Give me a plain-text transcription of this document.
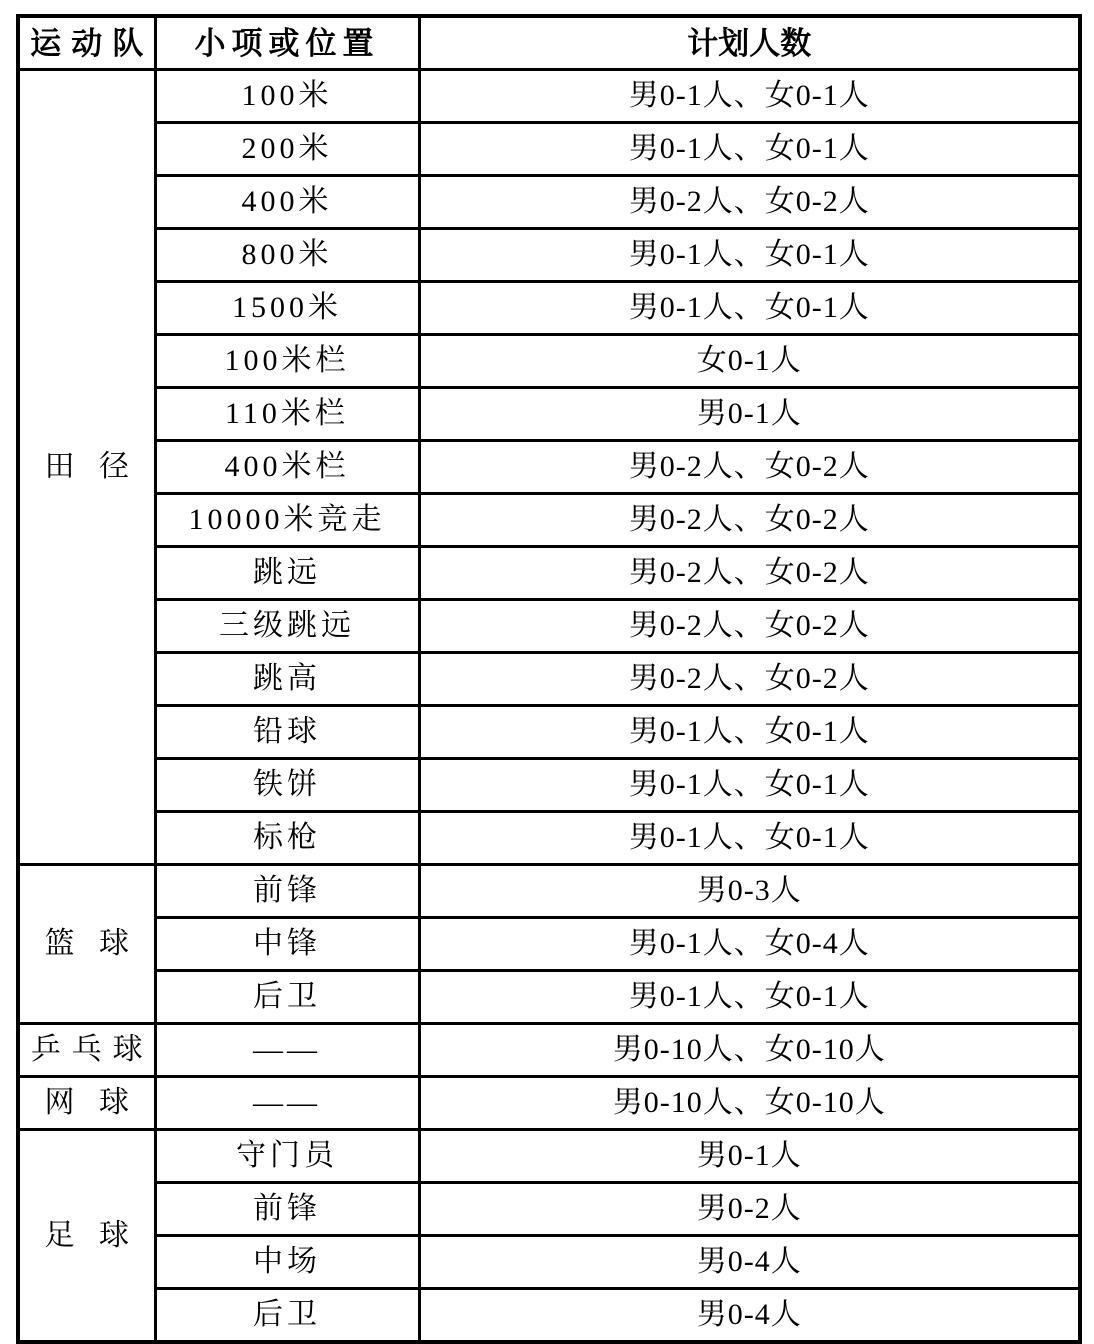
运 动 队	小项或位置	计划人数

田 径	100米	男0-1人、女0-1人
	200米	男0-1人、女0-1人
	400米	男0-2人、女0-2人
	800米	男0-1人、女0-1人
	1500米	男0-1人、女0-1人
	100米栏	女0-1人
	110米栏	男0-1人
	400米栏	男0-2人、女0-2人
	10000米竞走	男0-2人、女0-2人
	跳远	男0-2人、女0-2人
	三级跳远	男0-2人、女0-2人
	跳高	男0-2人、女0-2人
	铅球	男0-1人、女0-1人
	铁饼	男0-1人、女0-1人
	标枪	男0-1人、女0-1人

篮 球	前锋	男0-3人
	中锋	男0-1人、女0-4人
	后卫	男0-1人、女0-1人

乒 乓 球	——	男0-10人、女0-10人

网 球	——	男0-10人、女0-10人

足 球	守门员	男0-1人
	前锋	男0-2人
	中场	男0-4人
	后卫	男0-4人
